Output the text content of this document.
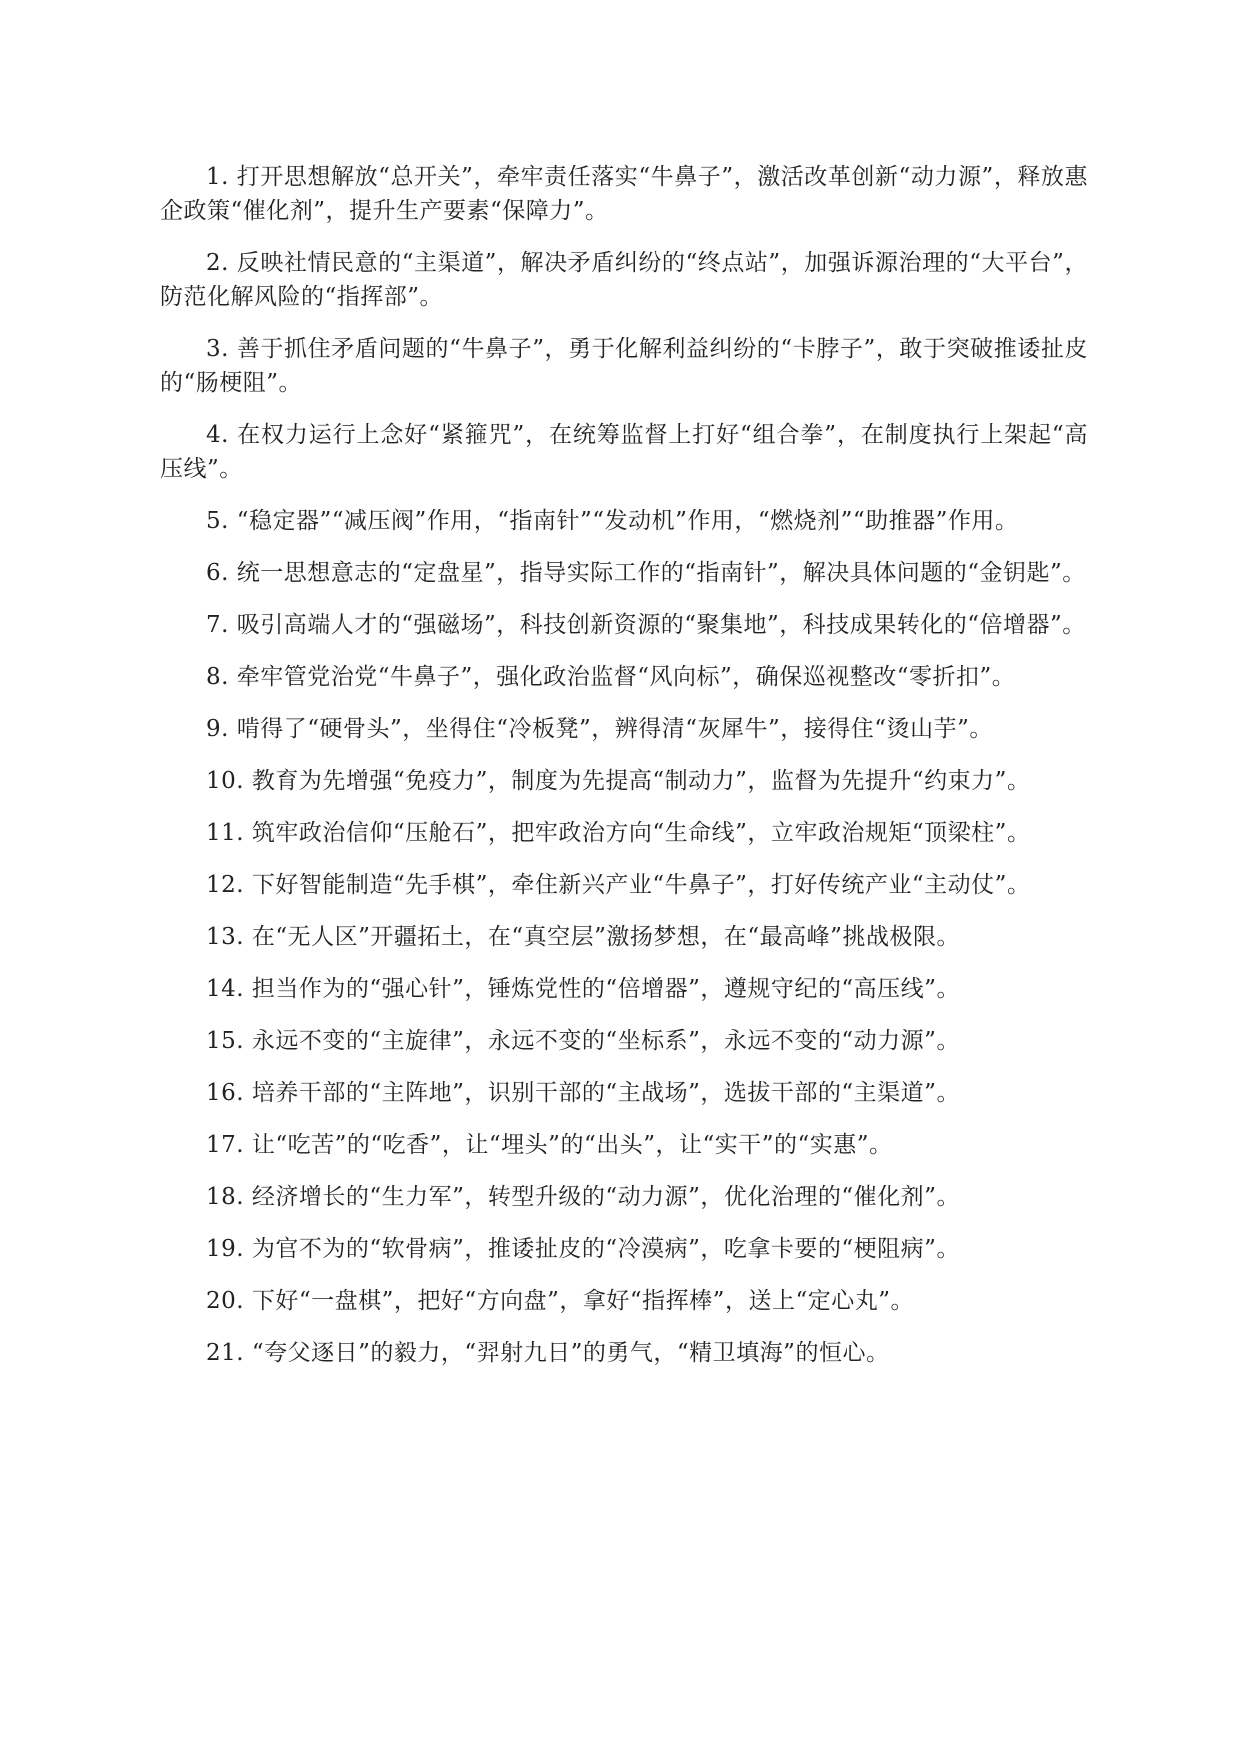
1. 打开思想解放“总开关”，牵牢责任落实“牛鼻子”，激活改革创新“动力源”，释放惠企政策“催化剂”，提升生产要素“保障力”。

2. 反映社情民意的“主渠道”，解决矛盾纠纷的“终点站”，加强诉源治理的“大平台”，防范化解风险的“指挥部”。

3. 善于抓住矛盾问题的“牛鼻子”，勇于化解利益纠纷的“卡脖子”，敢于突破推诿扯皮的“肠梗阻”。

4. 在权力运行上念好“紧箍咒”，在统筹监督上打好“组合拳”，在制度执行上架起“高压线”。

5. “稳定器”“减压阀”作用，“指南针”“发动机”作用，“燃烧剂”“助推器”作用。

6. 统一思想意志的“定盘星”，指导实际工作的“指南针”，解决具体问题的“金钥匙”。

7. 吸引高端人才的“强磁场”，科技创新资源的“聚集地”，科技成果转化的“倍增器”。

8. 牵牢管党治党“牛鼻子”，强化政治监督“风向标”，确保巡视整改“零折扣”。

9. 啃得了“硬骨头”，坐得住“冷板凳”，辨得清“灰犀牛”，接得住“烫山芋”。

10. 教育为先增强“免疫力”，制度为先提高“制动力”，监督为先提升“约束力”。

11. 筑牢政治信仰“压舱石”，把牢政治方向“生命线”，立牢政治规矩“顶梁柱”。

12. 下好智能制造“先手棋”，牵住新兴产业“牛鼻子”，打好传统产业“主动仗”。

13. 在“无人区”开疆拓土，在“真空层”激扬梦想，在“最高峰”挑战极限。

14. 担当作为的“强心针”，锤炼党性的“倍增器”，遵规守纪的“高压线”。

15. 永远不变的“主旋律”，永远不变的“坐标系”，永远不变的“动力源”。

16. 培养干部的“主阵地”，识别干部的“主战场”，选拔干部的“主渠道”。

17. 让“吃苦”的“吃香”，让“埋头”的“出头”，让“实干”的“实惠”。

18. 经济增长的“生力军”，转型升级的“动力源”，优化治理的“催化剂”。

19. 为官不为的“软骨病”，推诿扯皮的“冷漠病”，吃拿卡要的“梗阻病”。

20. 下好“一盘棋”，把好“方向盘”，拿好“指挥棒”，送上“定心丸”。

21. “夸父逐日”的毅力，“羿射九日”的勇气，“精卫填海”的恒心。
